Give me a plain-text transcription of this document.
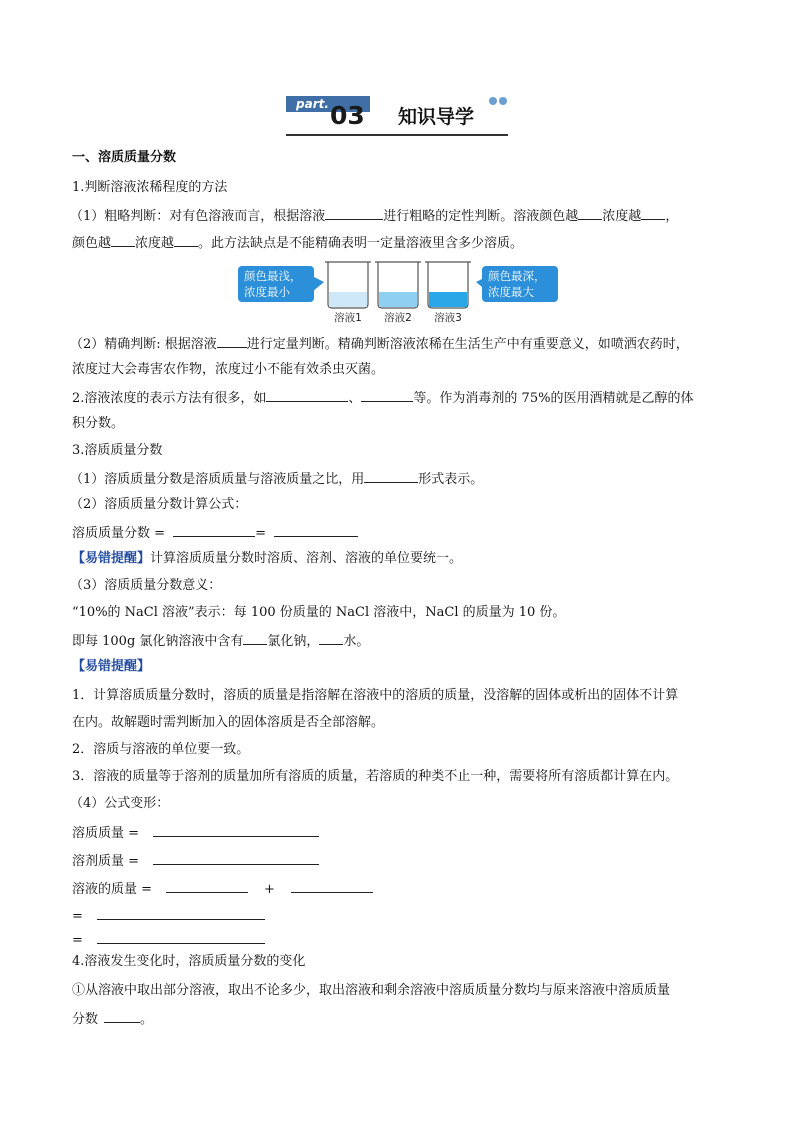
part. 03 知识导学
一、溶质质量分数
1.判断溶液浓稀程度的方法
（1）粗略判断：对有色溶液而言，根据溶液	进行粗略的定性判断。溶液颜色越 浓度越 ，
颜色越 浓度越 。此方法缺点是不能精确表明一定量溶液里含多少溶质。
颜色最浅，
浓度最小
颜色最深，
浓度最大
溶液1	溶液2	溶液3
（2）精确判断: 根据溶液 进行定量判断。精确判断溶液浓稀在生活生产中有重要意义，如喷洒农药时，
浓度过大会毒害农作物，浓度过小不能有效杀虫灭菌。
2.溶液浓度的表示方法有很多，如	、	等。作为消毒剂的 75%的医用酒精就是乙醇的体
积分数。
3.溶质质量分数
（1）溶质质量分数是溶质质量与溶液质量之比，用	形式表示。
（2）溶质质量分数计算公式：
溶质质量分数 =	=
【易错提醒】计算溶质质量分数时溶质、溶剂、溶液的单位要统一。
（3）溶质质量分数意义：
“10%的 NaCl 溶液”表示：每 100 份质量的 NaCl 溶液中，NaCl 的质量为 10 份。
即每 100g 氯化钠溶液中含有 氯化钠， 水。
【易错提醒】
1．计算溶质质量分数时，溶质的质量是指溶解在溶液中的溶质的质量，没溶解的固体或析出的固体不计算
在内。故解题时需判断加入的固体溶质是否全部溶解。
2．溶质与溶液的单位要一致。
3．溶液的质量等于溶剂的质量加所有溶质的质量，若溶质的种类不止一种，需要将所有溶质都计算在内。
（4）公式变形：
溶质质量 =
溶剂质量 =
溶液的质量 =	+
=
=
4.溶液发生变化时，溶质质量分数的变化
①从溶液中取出部分溶液，取出不论多少，取出溶液和剩余溶液中溶质质量分数均与原来溶液中溶质质量
分数	。
